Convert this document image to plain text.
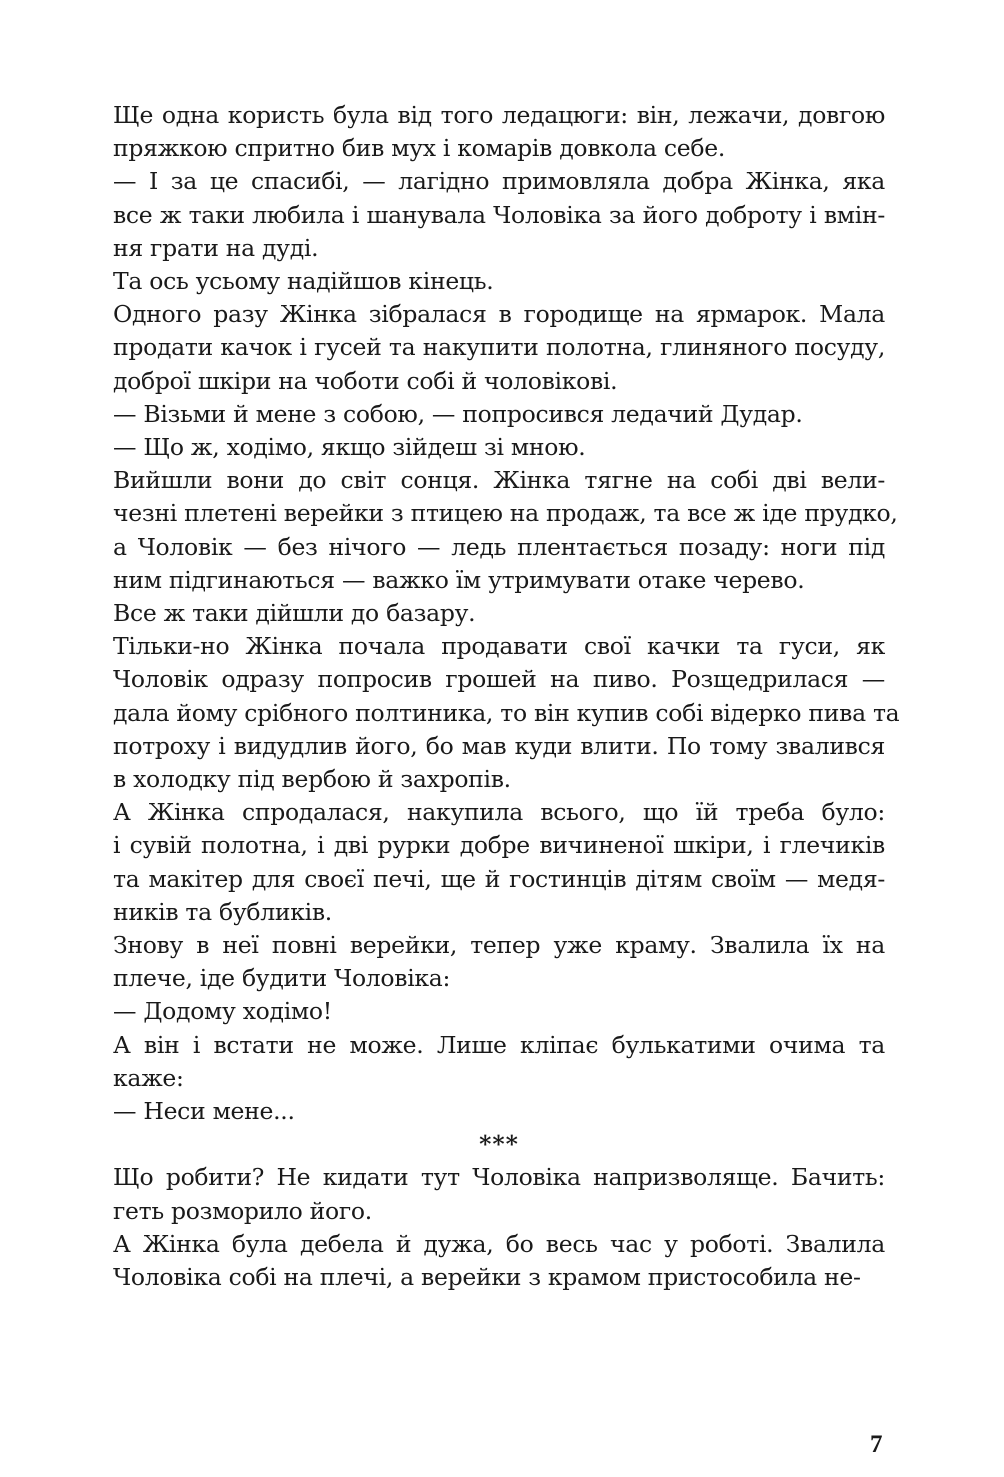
Ще одна користь була від того ледацюги: він, лежачи, довгою
пряжкою спритно бив мух і комарів довкола себе.
— І за це спасибі, — лагідно примовляла добра Жінка, яка
все ж таки любила і шанувала Чоловіка за його доброту і вмін-
ня грати на дуді.
Та ось усьому надійшов кінець.
Одного разу Жінка зібралася в городище на ярмарок. Мала
продати качок і гусей та накупити полотна, глиняного посуду,
доброї шкіри на чоботи собі й чоловікові.
— Візьми й мене з собою, — попросився ледачий Дудар.
— Що ж, ходімо, якщо зійдеш зі мною.
Вийшли вони до світ сонця. Жінка тягне на собі дві вели-
чезні плетені верейки з птицею на продаж, та все ж іде прудко,
а Чоловік — без нічого — ледь плентається позаду: ноги під
ним підгинаються — важко їм утримувати отаке черево.
Все ж таки дійшли до базару.
Тільки-но Жінка почала продавати свої качки та гуси, як
Чоловік одразу попросив грошей на пиво. Розщедрилася —
дала йому срібного полтиника, то він купив собі відерко пива та
потроху і видудлив його, бо мав куди влити. По тому звалився
в холодку під вербою й захропів.
А Жінка спродалася, накупила всього, що їй треба було:
і сувій полотна, і дві рурки добре вичиненої шкіри, і глечиків
та макітер для своєї печі, ще й гостинців дітям своїм — медя-
ників та бубликів.
Знову в неї повні верейки, тепер уже краму. Звалила їх на
плече, іде будити Чоловіка:
— Додому ходімо!
А він і встати не може. Лише кліпає булькатими очима та
каже:
— Неси мене...
***
Що робити? Не кидати тут Чоловіка напризволяще. Бачить:
геть розморило його.
А Жінка була дебела й дужа, бо весь час у роботі. Звалила
Чоловіка собі на плечі, а верейки з крамом пристособила не-
7
